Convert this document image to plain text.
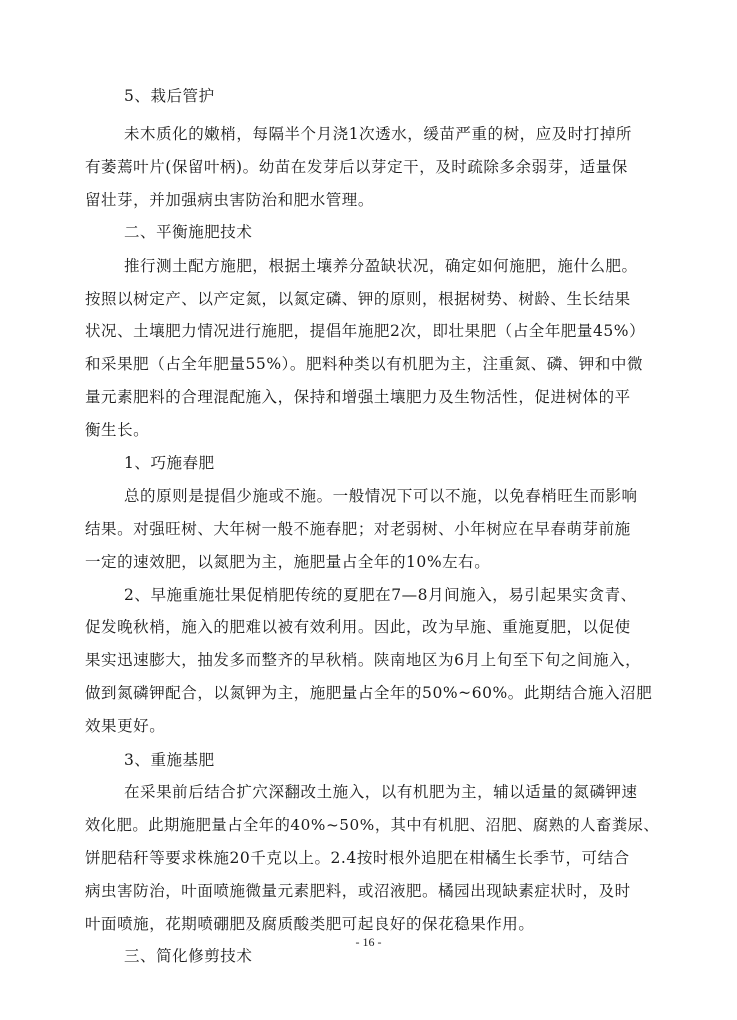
5、栽后管护
未木质化的嫩梢，每隔半个月浇1次透水，缓苗严重的树，应及时打掉所
有萎蔫叶片(保留叶柄)。幼苗在发芽后以芽定干，及时疏除多余弱芽，适量保
留壮芽，并加强病虫害防治和肥水管理。
二、平衡施肥技术
推行测土配方施肥，根据土壤养分盈缺状况，确定如何施肥，施什么肥。
按照以树定产、以产定氮，以氮定磷、钾的原则，根据树势、树龄、生长结果
状况、土壤肥力情况进行施肥，提倡年施肥2次，即壮果肥（占全年肥量45%）
和采果肥（占全年肥量55%）。肥料种类以有机肥为主，注重氮、磷、钾和中微
量元素肥料的合理混配施入，保持和增强土壤肥力及生物活性，促进树体的平
衡生长。
1、巧施春肥
总的原则是提倡少施或不施。一般情况下可以不施，以免春梢旺生而影响
结果。对强旺树、大年树一般不施春肥；对老弱树、小年树应在早春萌芽前施
一定的速效肥，以氮肥为主，施肥量占全年的10%左右。
2、早施重施壮果促梢肥传统的夏肥在7—8月间施入，易引起果实贪青、
促发晚秋梢，施入的肥难以被有效利用。因此，改为早施、重施夏肥，以促使
果实迅速膨大，抽发多而整齐的早秋梢。陕南地区为6月上旬至下旬之间施入，
做到氮磷钾配合，以氮钾为主，施肥量占全年的50%~60%。此期结合施入沼肥
效果更好。
3、重施基肥
在采果前后结合扩穴深翻改土施入，以有机肥为主，辅以适量的氮磷钾速
效化肥。此期施肥量占全年的40%~50%，其中有机肥、沼肥、腐熟的人畜粪尿、
饼肥秸秆等要求株施20千克以上。2.4按时根外追肥在柑橘生长季节，可结合
病虫害防治，叶面喷施微量元素肥料，或沼液肥。橘园出现缺素症状时，及时
叶面喷施，花期喷硼肥及腐质酸类肥可起良好的保花稳果作用。
三、简化修剪技术
- 16 -
